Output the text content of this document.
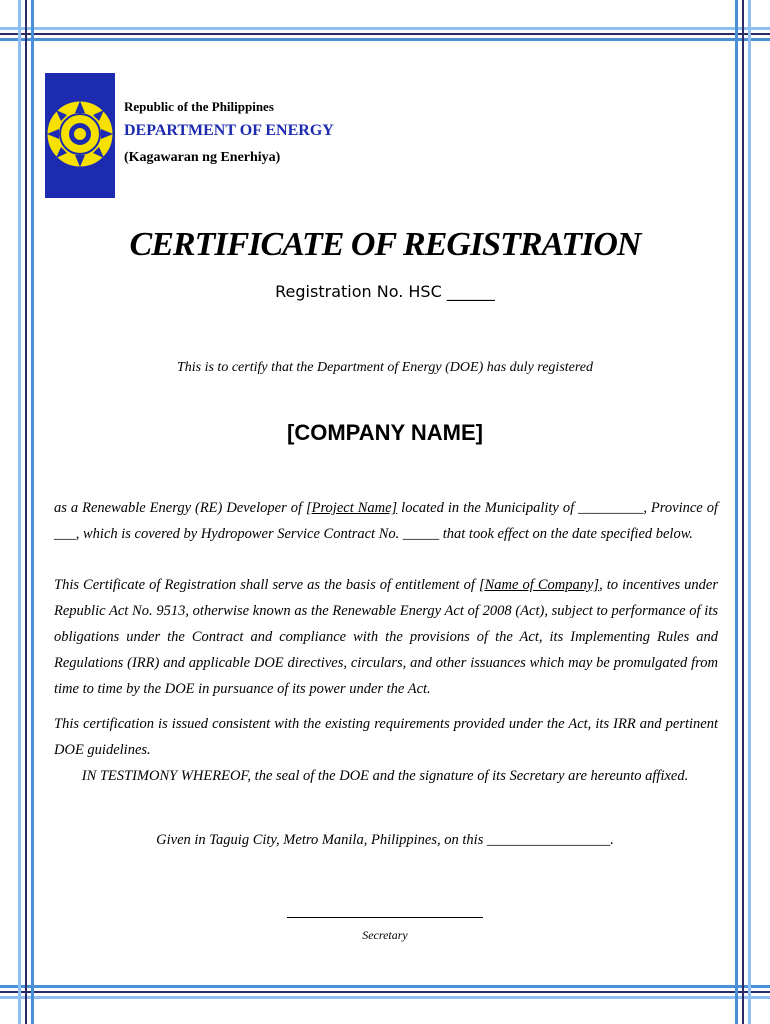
Republic of the Philippines
DEPARTMENT OF ENERGY
(Kagawaran ng Enerhiya)
CERTIFICATE OF REGISTRATION
Registration No. HSC ______
This is to certify that the Department of Energy (DOE) has duly registered
[COMPANY NAME]
as a Renewable Energy (RE) Developer of [Project Name] located in the Municipality of _________, Province of ___, which is covered by Hydropower Service Contract No. _____ that took effect on the date specified below.
This Certificate of Registration shall serve as the basis of entitlement of [Name of Company], to incentives under Republic Act No. 9513, otherwise known as the Renewable Energy Act of 2008 (Act), subject to performance of its obligations under the Contract and compliance with the provisions of the Act, its Implementing Rules and Regulations (IRR) and applicable DOE directives, circulars, and other issuances which may be promulgated from time to time by the DOE in pursuance of its power under the Act.
This certification is issued consistent with the existing requirements provided under the Act, its IRR and pertinent DOE guidelines.
IN TESTIMONY WHEREOF, the seal of the DOE and the signature of its Secretary are hereunto affixed.
Given in Taguig City, Metro Manila, Philippines, on this _________________.
Secretary
